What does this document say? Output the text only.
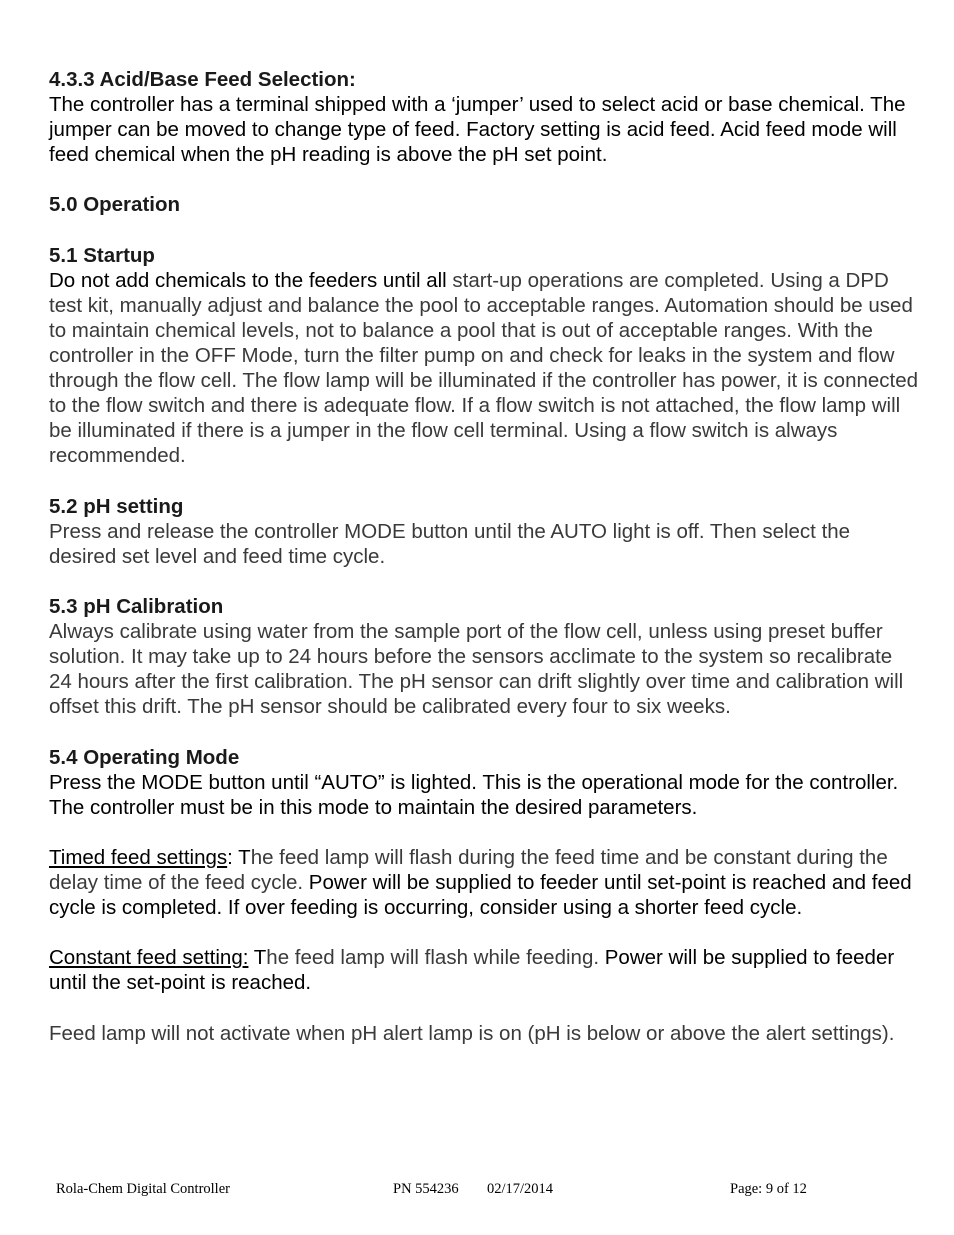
4.3.3 Acid/Base Feed Selection:

The controller has a terminal shipped with a ‘jumper’ used to select acid or base chemical. The jumper can be moved to change type of feed. Factory setting is acid feed. Acid feed mode will feed chemical when the pH reading is above the pH set point.

5.0 Operation

5.1 Startup

Do not add chemicals to the feeders until all start-up operations are completed. Using a DPD test kit, manually adjust and balance the pool to acceptable ranges. Automation should be used to maintain chemical levels, not to balance a pool that is out of acceptable ranges. With the controller in the OFF Mode, turn the filter pump on and check for leaks in the system and flow through the flow cell. The flow lamp will be illuminated if the controller has power, it is connected to the flow switch and there is adequate flow. If a flow switch is not attached, the flow lamp will be illuminated if there is a jumper in the flow cell terminal. Using a flow switch is always recommended.

5.2 pH setting

Press and release the controller MODE button until the AUTO light is off. Then select the desired set level and feed time cycle.

5.3 pH Calibration

Always calibrate using water from the sample port of the flow cell, unless using preset buffer solution. It may take up to 24 hours before the sensors acclimate to the system so recalibrate 24 hours after the first calibration. The pH sensor can drift slightly over time and calibration will offset this drift. The pH sensor should be calibrated every four to six weeks.

5.4 Operating Mode

Press the MODE button until “AUTO” is lighted. This is the operational mode for the controller. The controller must be in this mode to maintain the desired parameters.

Timed feed settings: The feed lamp will flash during the feed time and be constant during the delay time of the feed cycle. Power will be supplied to feeder until set-point is reached and feed cycle is completed. If over feeding is occurring, consider using a shorter feed cycle.

Constant feed setting: The feed lamp will flash while feeding. Power will be supplied to feeder until the set-point is reached.

Feed lamp will not activate when pH alert lamp is on (pH is below or above the alert settings).

Rola-Chem Digital Controller	PN 554236 02/17/2014	Page: 9 of 12
